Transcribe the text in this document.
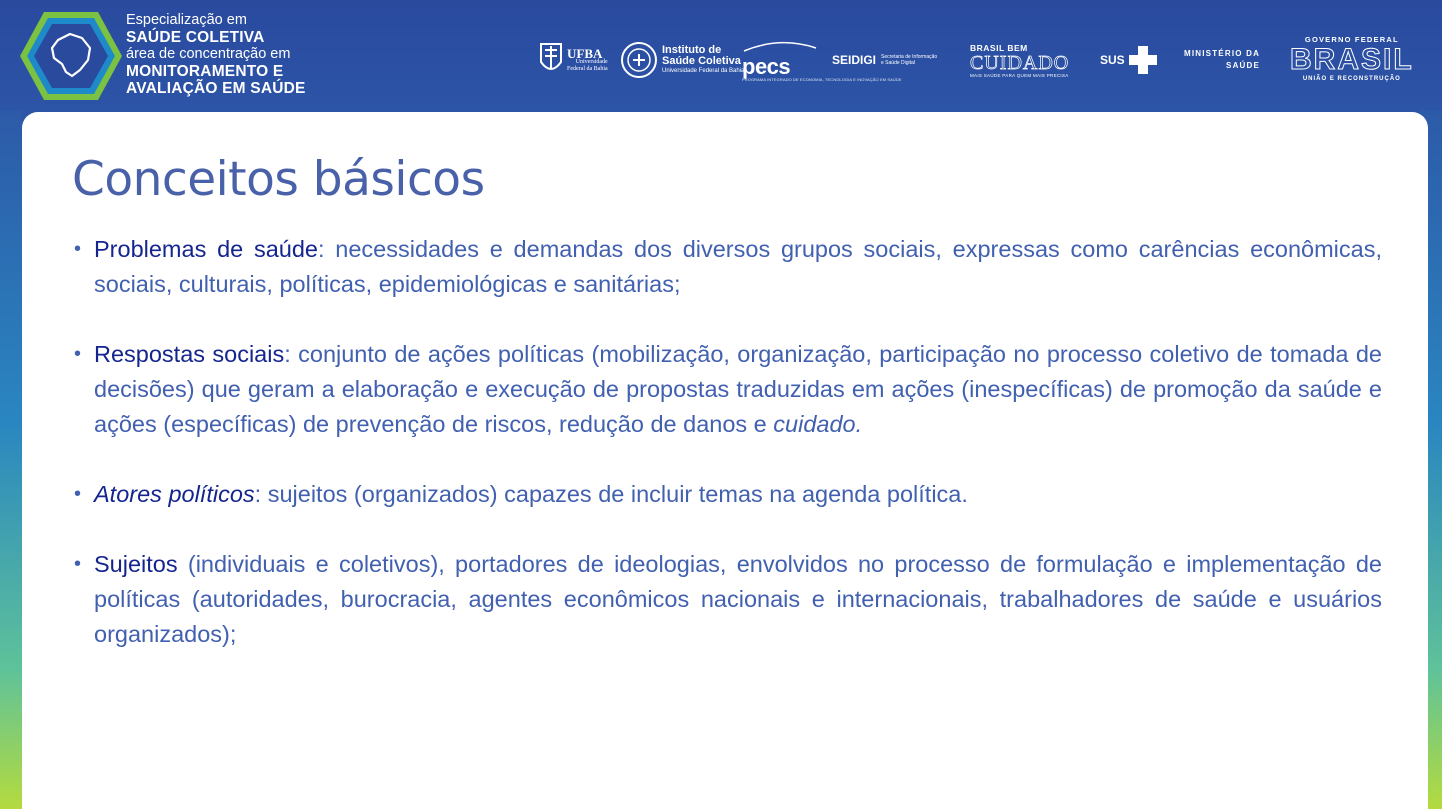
Especialização em
SAÚDE COLETIVA
área de concentração em
MONITORAMENTO E
AVALIAÇÃO EM SAÚDE
UFBA
Universidade
Federal da Bahia
Instituto de
Saúde Coletiva
Universidade Federal da Bahia
pecs
PROGRAMA INTEGRADO DE ECONOMIA, TECNOLOGIA E INOVAÇÃO EM SAÚDE
SEIDIGI Secretaria de Informação e Saúde Digital
BRASIL BEM
CUIDADO
MAIS SAÚDE PARA QUEM MAIS PRECISA
SUS	MINISTÉRIO DA
SAÚDE
GOVERNO FEDERAL
BRASIL
UNIÃO E RECONSTRUÇÃO
Conceitos básicos
• Problemas de saúde: necessidades e demandas dos diversos grupos sociais, expressas como carências econômicas, sociais, culturais, políticas, epidemiológicas e sanitárias;
• Respostas sociais: conjunto de ações políticas (mobilização, organização, participação no processo coletivo de tomada de decisões) que geram a elaboração e execução de propostas traduzidas em ações (inespecíficas) de promoção da saúde e ações (específicas) de prevenção de riscos, redução de danos e cuidado.
• Atores políticos: sujeitos (organizados) capazes de incluir temas na agenda política.
• Sujeitos (individuais e coletivos), portadores de ideologias, envolvidos no processo de formulação e implementação de políticas (autoridades, burocracia, agentes econômicos nacionais e internacionais, trabalhadores de saúde e usuários organizados);
